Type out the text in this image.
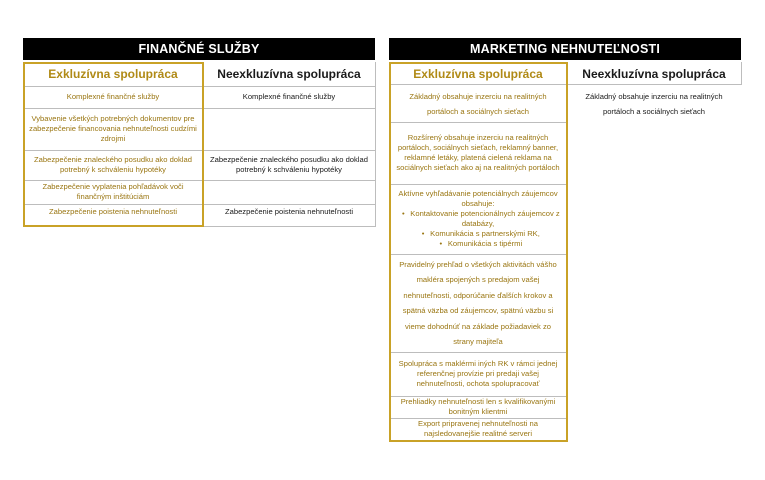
FINANČNÉ SLUŽBY
Exkluzívna spolupráca
Komplexné finančné služby
Vybavenie všetkých potrebných dokumentov pre zabezpečenie financovania nehnuteľnosti cudzími zdrojmi
Zabezpečenie znaleckého posudku ako doklad potrebný k schváleniu hypotéky
Zabezpečenie vyplatenia pohľadávok voči finančným inštitúciám
Zabezpečenie poistenia nehnuteľnosti
Neexkluzívna spolupráca
Komplexné finančné služby
Zabezpečenie znaleckého posudku ako doklad potrebný k schváleniu hypotéky
Zabezpečenie poistenia nehnuteľnosti
MARKETING NEHNUTEĽNOSTI
Exkluzívna spolupráca
Základný obsahuje inzerciu na realitných portáloch a sociálnych sieťach
Rozšírený obsahuje inzerciu na realitných portáloch, sociálnych sieťach, reklamný banner, reklamné letáky, platená cielená reklama na sociálnych sieťach ako aj na realitných portáloch
Aktívne vyhľadávanie potenciálnych záujemcov obsahuje:
• Kontaktovanie potencionálnych záujemcov z databázy,
• Komunikácia s partnerskými RK,
• Komunikácia s tipérmi
Pravidelný prehľad o všetkých aktivitách vášho makléra spojených s predajom vašej nehnuteľnosti, odporúčanie ďalších krokov a spätná väzba od záujemcov, spätnú väzbu si vieme dohodnúť na základe požiadaviek zo strany majiteľa
Spolupráca s maklérmi iných RK v rámci jednej referenčnej provízie pri predaji vašej nehnuteľnosti, ochota spolupracovať
Prehliadky nehnuteľnosti len s kvalifikovanými bonitným klientmi
Export pripravenej nehnuteľnosti na najsledovanejšie realitné serveri
Neexkluzívna spolupráca
Základný obsahuje inzerciu na realitných portáloch a sociálnych sieťach
